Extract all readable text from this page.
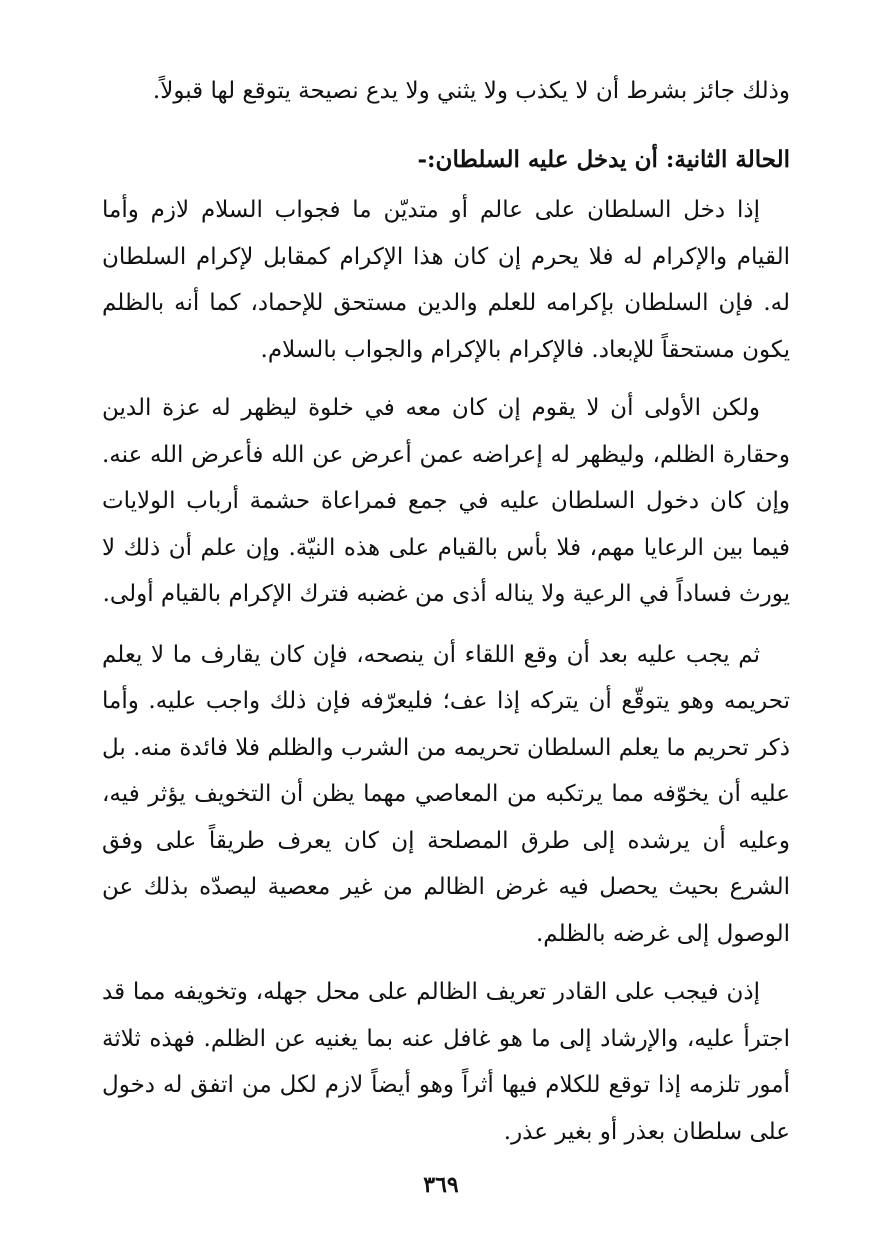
وذلك جائز بشرط أن لا يكذب ولا يثني ولا يدع نصيحة يتوقع لها قبولاً.

الحالة الثانية: أن يدخل عليه السلطان:-

إذا دخل السلطان على عالم أو متديّن ما فجواب السلام لازم وأما القيام والإكرام له فلا يحرم إن كان هذا الإكرام كمقابل لإكرام السلطان له. فإن السلطان بإكرامه للعلم والدين مستحق للإحماد، كما أنه بالظلم يكون مستحقاً للإبعاد. فالإكرام بالإكرام والجواب بالسلام.

ولكن الأولى أن لا يقوم إن كان معه في خلوة ليظهر له عزة الدين وحقارة الظلم، وليظهر له إعراضه عمن أعرض عن الله فأعرض الله عنه. وإن كان دخول السلطان عليه في جمع فمراعاة حشمة أرباب الولايات فيما بين الرعايا مهم، فلا بأس بالقيام على هذه النيّة. وإن علم أن ذلك لا يورث فساداً في الرعية ولا يناله أذى من غضبه فترك الإكرام بالقيام أولى.

ثم يجب عليه بعد أن وقع اللقاء أن ينصحه، فإن كان يقارف ما لا يعلم تحريمه وهو يتوقّع أن يتركه إذا عف؛ فليعرّفه فإن ذلك واجب عليه. وأما ذكر تحريم ما يعلم السلطان تحريمه من الشرب والظلم فلا فائدة منه. بل عليه أن يخوّفه مما يرتكبه من المعاصي مهما يظن أن التخويف يؤثر فيه، وعليه أن يرشده إلى طرق المصلحة إن كان يعرف طريقاً على وفق الشرع بحيث يحصل فيه غرض الظالم من غير معصية ليصدّه بذلك عن الوصول إلى غرضه بالظلم.

إذن فيجب على القادر تعريف الظالم على محل جهله، وتخويفه مما قد اجترأ عليه، والإرشاد إلى ما هو غافل عنه بما يغنيه عن الظلم. فهذه ثلاثة أمور تلزمه إذا توقع للكلام فيها أثراً وهو أيضاً لازم لكل من اتفق له دخول على سلطان بعذر أو بغير عذر.

٣٦٩
